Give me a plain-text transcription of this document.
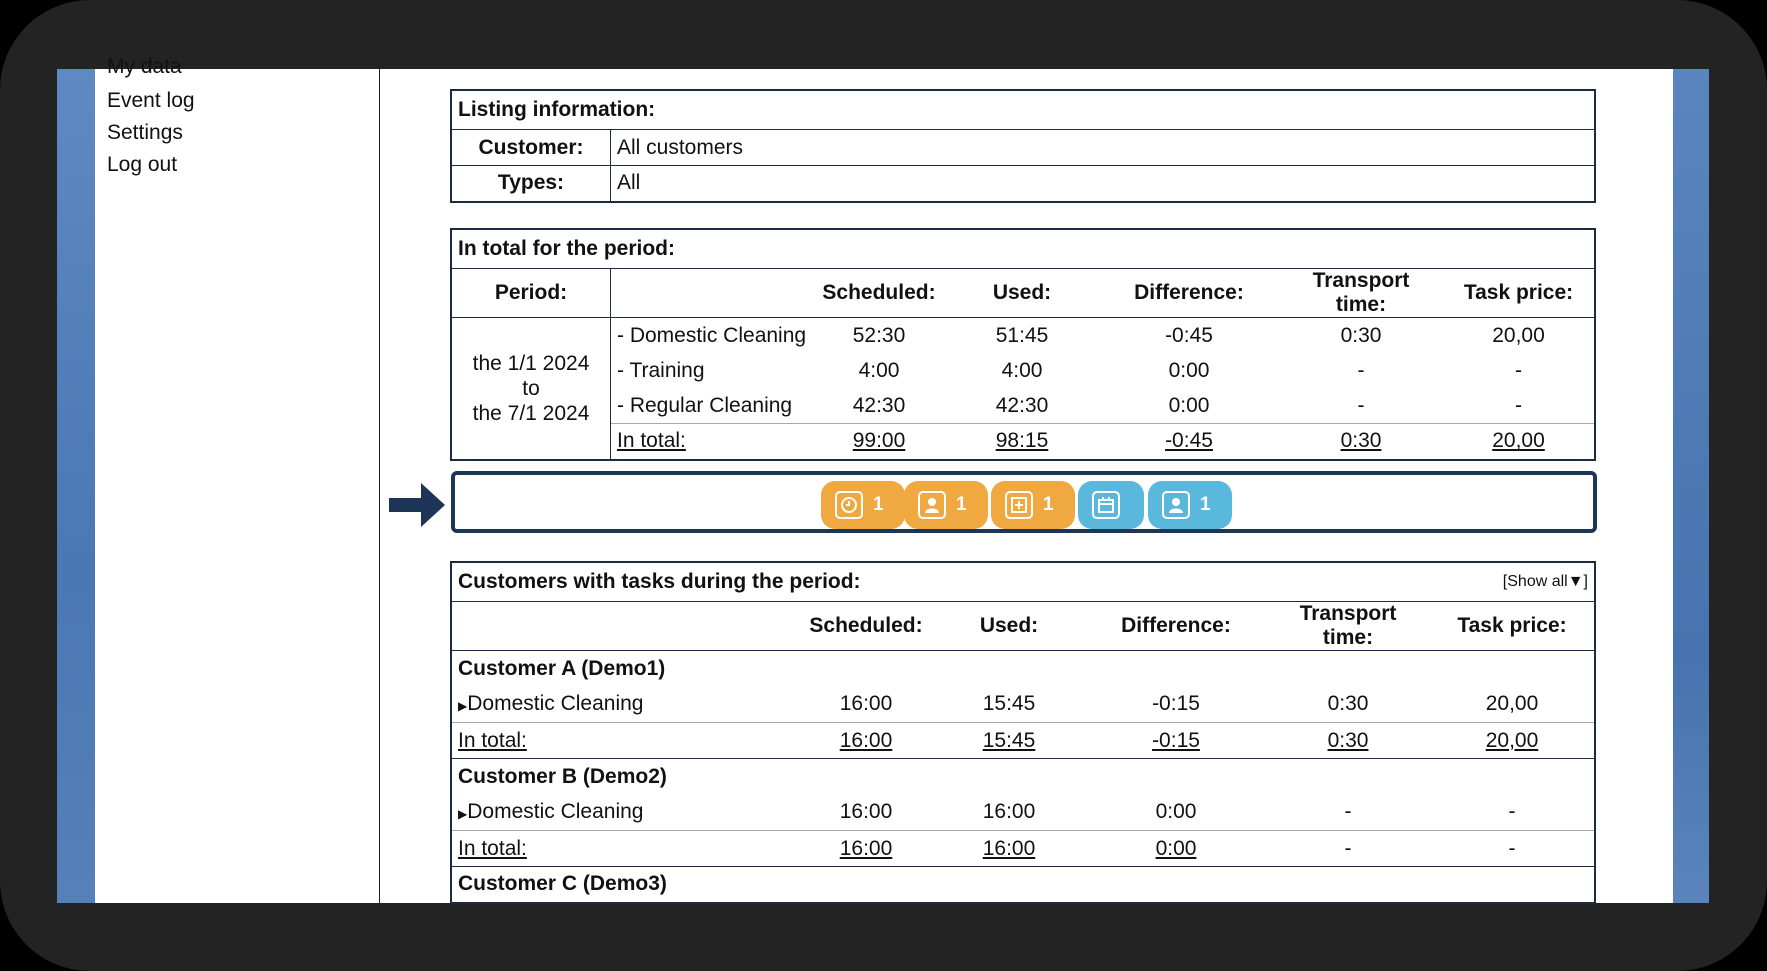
My data
Event log
Settings
Log out
Listing information:	
Customer:	All customers
Types:	All
In total for the period:						
Period:		Scheduled:	Used:	Difference:	Transport time:	Task price:

the 1/1 2024
to
the 7/1 2024	- Domestic Cleaning	52:30	51:45	-0:45	0:30	20,00
	- Training	4:00	4:00	0:00	-	-
	- Regular Cleaning	42:30	42:30	0:00	-	-
	In total:	99:00	98:15	-0:45	0:30	20,00
Customers with tasks during the period:					[Show all▼]
	Scheduled:	Used:	Difference:	Transport time:	Task price:
Customer A (Demo1)					
▶Domestic Cleaning	16:00	15:45	-0:15	0:30	20,00
In total:	16:00	15:45	-0:15	0:30	20,00
Customer B (Demo2)					
▶Domestic Cleaning	16:00	16:00	0:00	-	-
In total:	16:00	16:00	0:00	-	-
Customer C (Demo3)					
1	1	1	1
